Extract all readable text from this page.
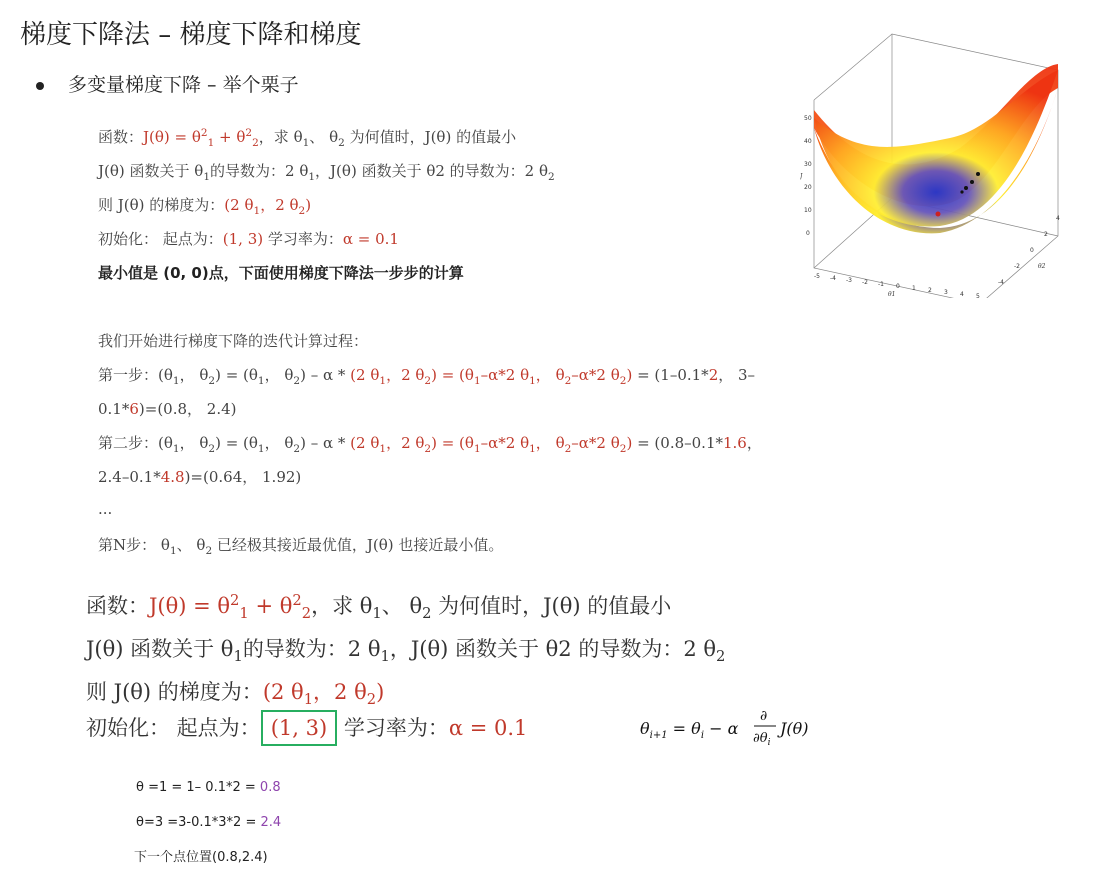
梯度下降法 – 梯度下降和梯度
多变量梯度下降 – 举个栗子
函数：$J(\theta) = \theta^2_1 + \theta^2_2$，求 $\theta_1$、 $\theta_2$ 为何值时，J(θ) 的值最小
J(θ) 函数关于 $\theta_1$的导数为：2 $\theta_1$，J(θ) 函数关于 θ2 的导数为：2 $\theta_2$
则 J(θ) 的梯度为：(2 $\theta_1$，2 $\theta_2$)
初始化： 起点为：(1, 3) 学习率为：α = 0.1
最小值是 (0, 0)点，下面使用梯度下降法一步步的计算
我们开始进行梯度下降的迭代计算过程：
第一步：($\theta_1$， $\theta_2) = (\theta_1$， $\theta_2$) – α * (2 $\theta_1$，2 $\theta_2) = (\theta_1-\alpha*2$ $\theta_1$， $\theta_2-\alpha*2$ $\theta_2) = (1-0.1*2$， 3–
0.1*6)=(0.8， 2.4)
第二步：($\theta_1$， $\theta_2) = (\theta_1$， $\theta_2$) – α * (2 $\theta_1$，2 $\theta_2) = (\theta_1-\alpha*2$ $\theta_1$， $\theta_2-\alpha*2$ $\theta_2) = (0.8-0.1*1.6$，
2.4–0.1*4.8)=(0.64， 1.92)
...
第N步： $\theta_1$、 $\theta_2$ 已经极其接近最优值，J(θ) 也接近最小值。
函数：$J(\theta) = \theta^2_1 + \theta^2_2$，求 $\theta_1$、 $\theta_2$ 为何值时，J(θ) 的值最小
J(θ) 函数关于 $\theta_1$的导数为：2 $\theta_1$，J(θ) 函数关于 θ2 的导数为：2 $\theta_2$
则 J(θ) 的梯度为：(2 $\theta_1$，2 $\theta_2$)
初始化： 起点为： (1, 3) 学习率为：α = 0.1	$\theta_{i+1} = \theta_i - \alpha$
∂
$\partial\theta_i$
J(θ)
θ =1 = 1– 0.1*2 = 0.8
θ=3 =3-0.1*3*2 = 2.4
下一个点位置(0.8,2.4)
50
40
30
20
10
0
-5 -4 -3 -2 -1 0 1 2 3 4 5
-4
-2
0
2
4
θ1
θ2
J
